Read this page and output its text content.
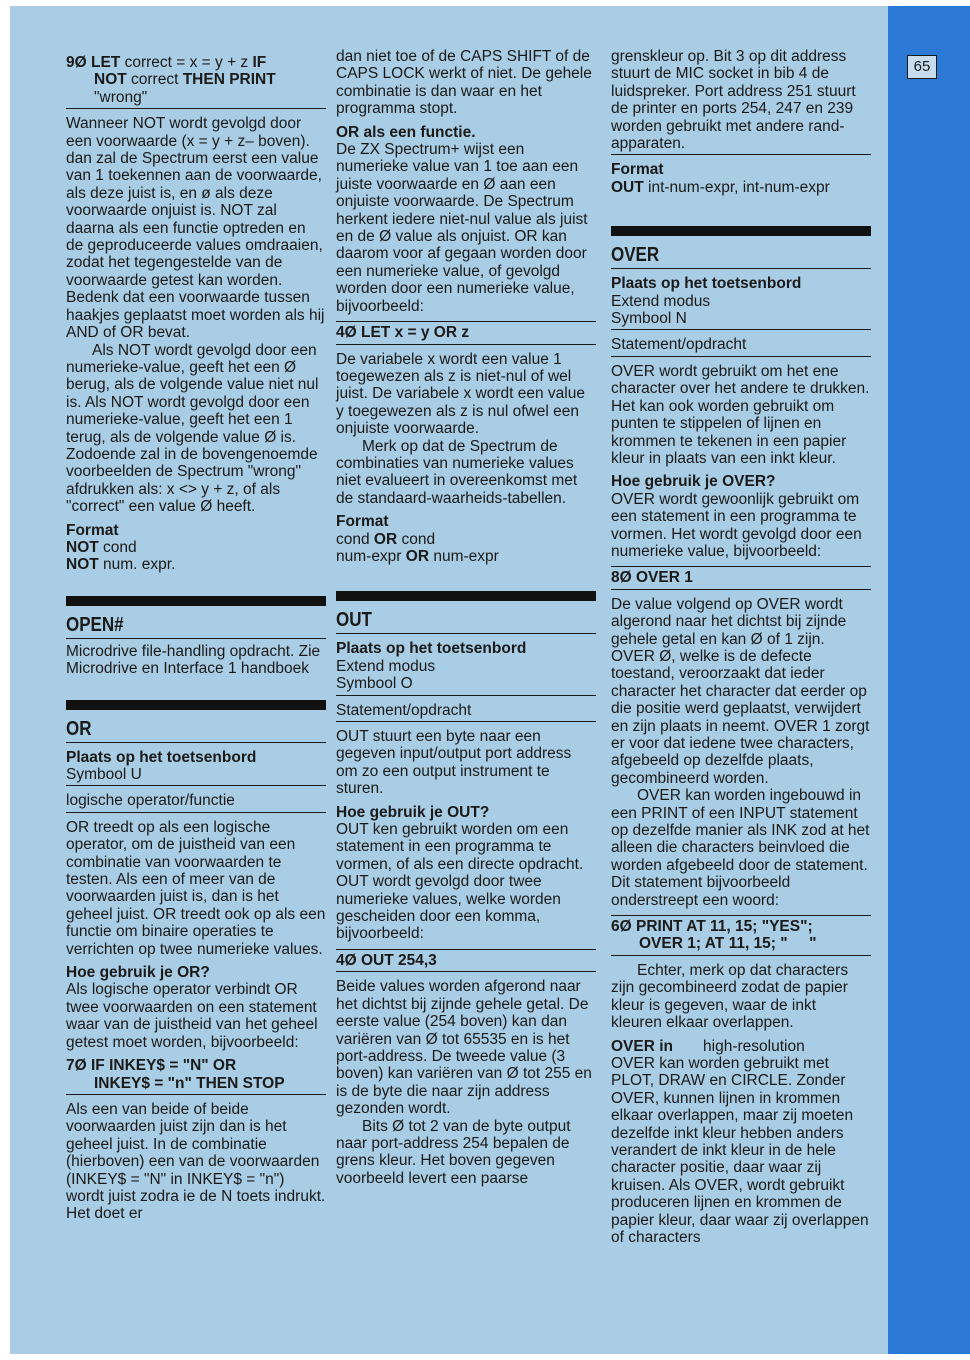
65
9Ø LET correct = x = y + z IF
NOT correct THEN PRINT
"wrong"

Wanneer NOT wordt gevolgd door een voorwaarde (x = y + z– boven). dan zal de Spectrum eerst een value van 1 toekennen aan de voorwaarde, als deze juist is, en ø als deze voorwaarde onjuist is. NOT zal daarna als een functie optreden en de geproduceerde values omdraaien, zodat het tegengestelde van de voorwaarde getest kan worden. Bedenk dat een voorwaarde tussen haakjes geplaatst moet worden als hij AND of OR bevat.

Als NOT wordt gevolgd door een numerieke-value, geeft het een Ø berug, als de volgende value niet nul is. Als NOT wordt gevolgd door een numerieke-value, geeft het een 1 terug, als de volgende value Ø is. Zodoende zal in de bovengenoemde voorbeelden de Spectrum "wrong" afdrukken als: x <> y + z, of als "correct" een value Ø heeft.

Format

NOT cond

NOT num. expr.

OPEN#

Microdrive file-handling opdracht. Zie Microdrive en Interface 1 handboek

OR

Plaats op het toetsenbord

Symbool U

logische operator/functie

OR treedt op als een logische operator, om de juistheid van een combinatie van voorwaarden te testen. Als een of meer van de voorwaarden juist is, dan is het geheel juist. OR treedt ook op als een functie om binaire operaties te verrichten op twee numerieke values.

Hoe gebruik je OR?

Als logische operator verbindt OR twee voorwaarden on een statement waar van de juistheid van het geheel getest moet worden, bijvoorbeeld:

7Ø IF INKEY$ = "N" OR
INKEY$ = "n" THEN STOP

Als een van beide of beide voorwaarden juist zijn dan is het geheel juist. In de combinatie (hierboven) een van de voorwaarden (INKEY$ = "N" in INKEY$ = "n") wordt juist zodra ie de N toets indrukt. Het doet er

dan niet toe of de CAPS SHIFT of de CAPS LOCK werkt of niet. De gehele combinatie is dan waar en het programma stopt.

OR als een functie.

De ZX Spectrum+ wijst een numerieke value van 1 toe aan een juiste voorwaarde en Ø aan een onjuiste voorwaarde. De Spectrum herkent iedere niet-nul value als juist en de Ø value als onjuist. OR kan daarom voor af gegaan worden door een numerieke value, of gevolgd worden door een numerieke value, bijvoorbeeld:

4Ø LET x = y OR z

De variabele x wordt een value 1 toegewezen als z is niet-nul of wel juist. De variabele x wordt een value y toegewezen als z is nul ofwel een onjuiste voorwaarde.

Merk op dat de Spectrum de combinaties van numerieke values niet evalueert in overeenkomst met de standaard-waarheids-tabellen.

Format

cond OR cond

num-expr OR num-expr

OUT

Plaats op het toetsenbord

Extend modus

Symbool O

Statement/opdracht

OUT stuurt een byte naar een gegeven input/output port address om zo een output instrument te sturen.

Hoe gebruik je OUT?

OUT ken gebruikt worden om een statement in een programma te vormen, of als een directe opdracht. OUT wordt gevolgd door twee numerieke values, welke worden gescheiden door een komma, bijvoorbeeld:

4Ø OUT 254,3

Beide values worden afgerond naar het dichtst bij zijnde gehele getal. De eerste value (254 boven) kan dan variëren van Ø tot 65535 en is het port-address. De tweede value (3 boven) kan variëren van Ø tot 255 en is de byte die naar zijn address gezonden wordt.

Bits Ø tot 2 van de byte output naar port-address 254 bepalen de grens kleur. Het boven gegeven voorbeeld levert een paarse

grenskleur op. Bit 3 op dit address stuurt de MIC socket in bib 4 de luidspreker. Port address 251 stuurt de printer en ports 254, 247 en 239 worden gebruikt met andere rand-apparaten.

Format

OUT int-num-expr, int-num-expr

OVER

Plaats op het toetsenbord

Extend modus

Symbool N

Statement/opdracht

OVER wordt gebruikt om het ene character over het andere te drukken. Het kan ook worden gebruikt om punten te stippelen of lijnen en krommen te tekenen in een papier kleur in plaats van een inkt kleur.

Hoe gebruik je OVER?

OVER wordt gewoonlijk gebruikt om een statement in een programma te vormen. Het wordt gevolgd door een numerieke value, bijvoorbeeld:

8Ø OVER 1

De value volgend op OVER wordt algerond naar het dichtst bij zijnde gehele getal en kan Ø of 1 zijn. OVER Ø, welke is de defecte toestand, veroorzaakt dat ieder character het character dat eerder op die positie werd geplaatst, verwijdert en zijn plaats in neemt. OVER 1 zorgt er voor dat iedene twee characters, afgebeeld op dezelfde plaats, gecombineerd worden.

OVER kan worden ingebouwd in een PRINT of een INPUT statement op dezelfde manier als INK zod at het alleen die characters beinvloed die worden afgebeeld door de statement. Dit statement bijvoorbeeld onderstreept een woord:

6Ø PRINT AT 11, 15; "YES";
OVER 1; AT 11, 15; "     "

Echter, merk op dat characters zijn gecombineerd zodat de papier kleur is gegeven, waar de inkt kleuren elkaar overlappen.

OVER in high-resolution

OVER kan worden gebruikt met PLOT, DRAW en CIRCLE. Zonder OVER, kunnen lijnen in krommen elkaar overlappen, maar zij moeten dezelfde inkt kleur hebben anders verandert de inkt kleur in de hele character positie, daar waar zij kruisen. Als OVER, wordt gebruikt produceren lijnen en krommen de papier kleur, daar waar zij overlappen of characters
